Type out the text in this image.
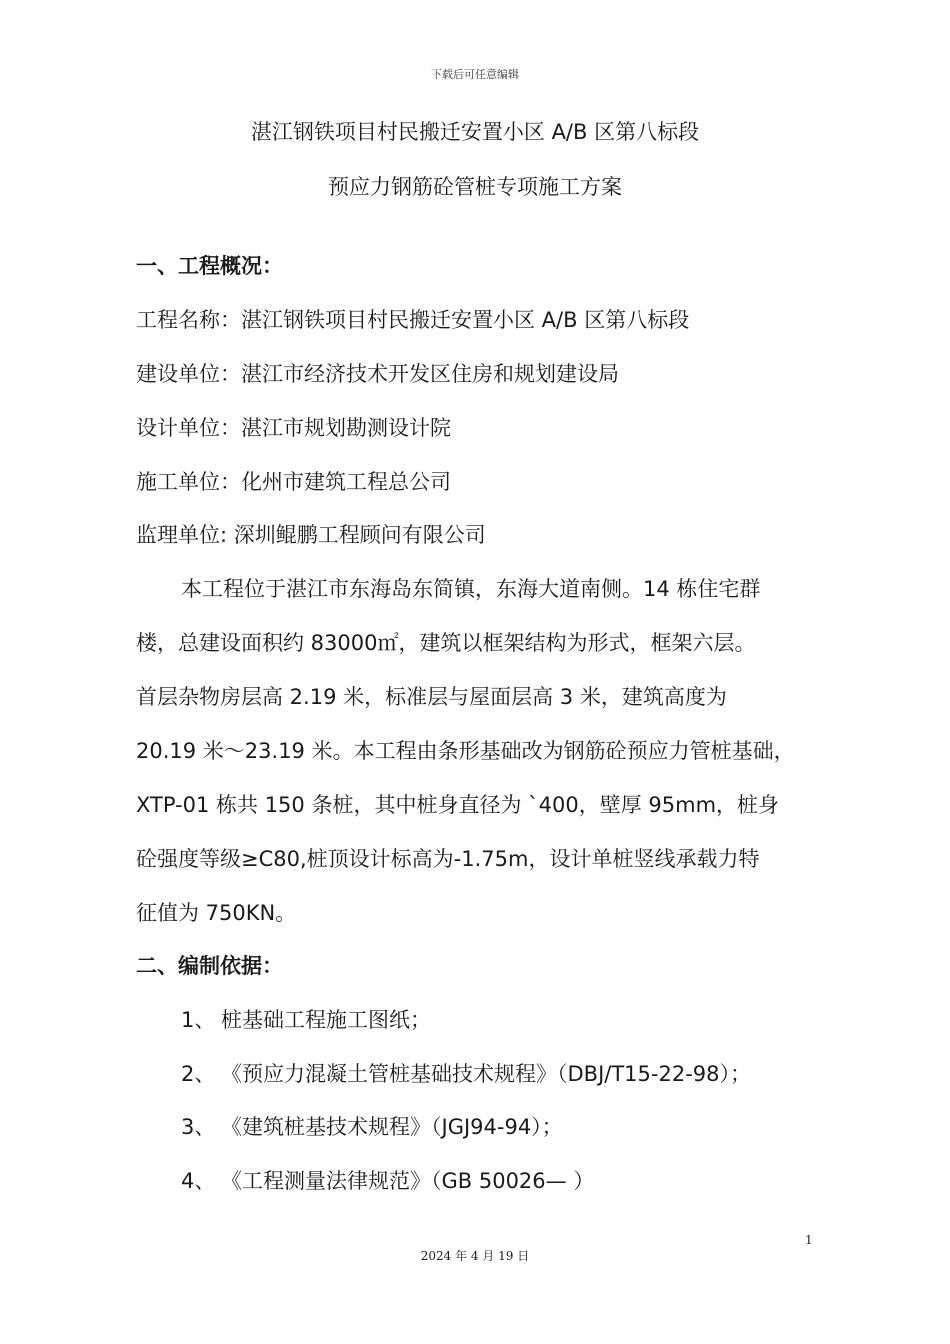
下载后可任意编辑
湛江钢铁项目村民搬迁安置小区 A/B 区第八标段
预应力钢筋砼管桩专项施工方案
一、工程概况：
工程名称：湛江钢铁项目村民搬迁安置小区 A/B 区第八标段
建设单位：湛江市经济技术开发区住房和规划建设局
设计单位：湛江市规划勘测设计院
施工单位：化州市建筑工程总公司
监理单位: 深圳鲲鹏工程顾问有限公司
本工程位于湛江市东海岛东简镇，东海大道南侧。14 栋住宅群
楼，总建设面积约 83000㎡，建筑以框架结构为形式，框架六层。
首层杂物房层高 2.19 米，标准层与屋面层高 3 米，建筑高度为
20.19 米～23.19 米。本工程由条形基础改为钢筋砼预应力管桩基础，
XTP-01 栋共 150 条桩，其中桩身直径为 ˋ400，壁厚 95mm，桩身
砼强度等级≥C80,桩顶设计标高为-1.75m，设计单桩竖线承载力特
征值为 750KN。
二、编制依据：
1、 桩基础工程施工图纸；
2、 《预应力混凝土管桩基础技术规程》（DBJ/T15-22-98）；
3、 《建筑桩基技术规程》（JGJ94-94）；
4、 《工程测量法律规范》（GB 50026— ）
1
2024 年 4 月 19 日
